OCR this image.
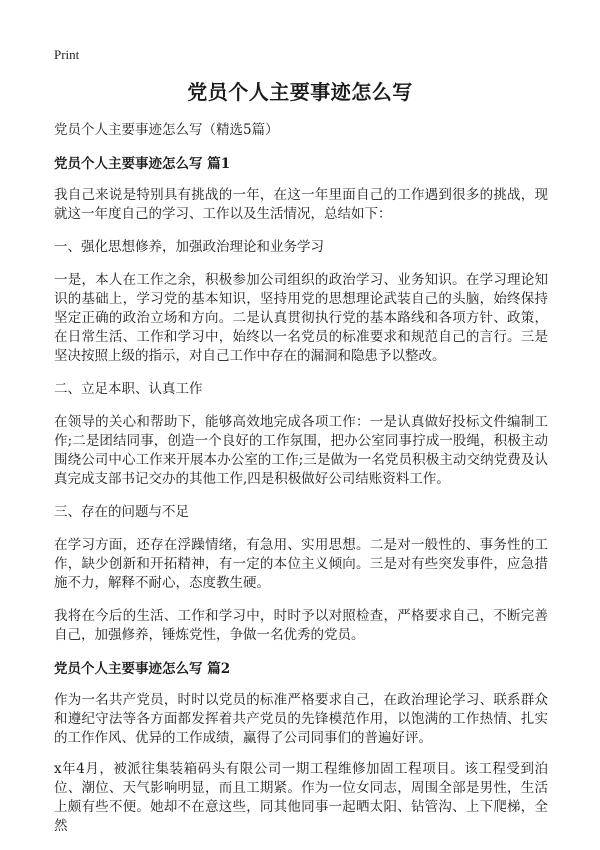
Print
党员个人主要事迹怎么写

党员个人主要事迹怎么写（精选5篇）

党员个人主要事迹怎么写 篇1

我自己来说是特别具有挑战的一年，在这一年里面自己的工作遇到很多的挑战，现就这一年度自己的学习、工作以及生活情况，总结如下：

一、强化思想修养，加强政治理论和业务学习

一是，本人在工作之余，积极参加公司组织的政治学习、业务知识。在学习理论知识的基础上，学习党的基本知识，坚持用党的思想理论武装自己的头脑，始终保持坚定正确的政治立场和方向。二是认真贯彻执行党的基本路线和各项方针、政策，在日常生活、工作和学习中，始终以一名党员的标准要求和规范自己的言行。三是坚决按照上级的指示，对自己工作中存在的漏洞和隐患予以整改。

二、立足本职、认真工作

在领导的关心和帮助下，能够高效地完成各项工作：一是认真做好投标文件编制工作;二是团结同事，创造一个良好的工作氛围，把办公室同事拧成一股绳，积极主动围绕公司中心工作来开展本办公室的工作;三是做为一名党员积极主动交纳党费及认真完成支部书记交办的其他工作,四是积极做好公司结账资料工作。

三、存在的问题与不足

在学习方面，还存在浮躁情绪，有急用、实用思想。二是对一般性的、事务性的工作，缺少创新和开拓精神，有一定的本位主义倾向。三是对有些突发事件，应急措施不力，解释不耐心，态度教生硬。

我将在今后的生活、工作和学习中，时时予以对照检查，严格要求自己，不断完善自己，加强修养，锤炼党性，争做一名优秀的党员。

党员个人主要事迹怎么写 篇2

作为一名共产党员，时时以党员的标准严格要求自己，在政治理论学习、联系群众和遵纪守法等各方面都发挥着共产党员的先锋模范作用，以饱满的工作热情、扎实的工作作风、优异的工作成绩，赢得了公司同事们的普遍好评。

x年4月，被派往集装箱码头有限公司一期工程维修加固工程项目。该工程受到泊位、潮位、天气影响明显，而且工期紧。作为一位女同志，周围全部是男性，生活上颇有些不便。她却不在意这些，同其他同事一起晒太阳、钻管沟、上下爬梯，全然
